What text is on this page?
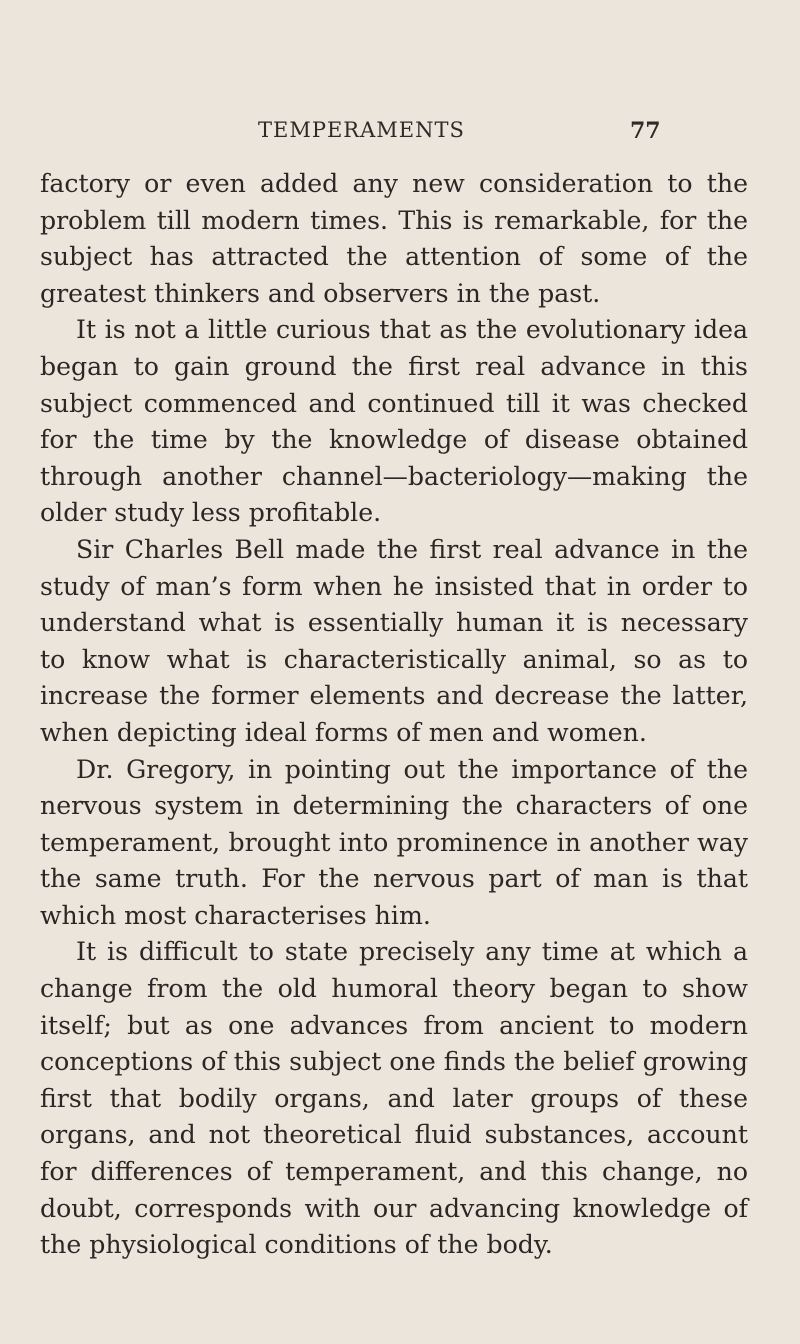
TEMPERAMENTS	77

factory or even added any new consideration to the problem till modern times. This is remarkable, for the subject has attracted the attention of some of the greatest thinkers and observers in the past.

It is not a little curious that as the evolutionary idea began to gain ground the first real advance in this subject commenced and continued till it was checked for the time by the knowledge of disease obtained through another channel—bacteriology—making the older study less profitable.

Sir Charles Bell made the first real advance in the study of man’s form when he insisted that in order to understand what is essentially human it is necessary to know what is characteristically animal, so as to increase the former elements and decrease the latter, when depicting ideal forms of men and women.

Dr. Gregory, in pointing out the importance of the nervous system in determining the characters of one temperament, brought into prominence in another way the same truth. For the nervous part of man is that which most characterises him.

It is difficult to state precisely any time at which a change from the old humoral theory began to show itself; but as one advances from ancient to modern conceptions of this subject one finds the belief growing first that bodily organs, and later groups of these organs, and not theoretical fluid substances, account for differences of temperament, and this change, no doubt, corresponds with our advancing knowledge of the physiological conditions of the body.
